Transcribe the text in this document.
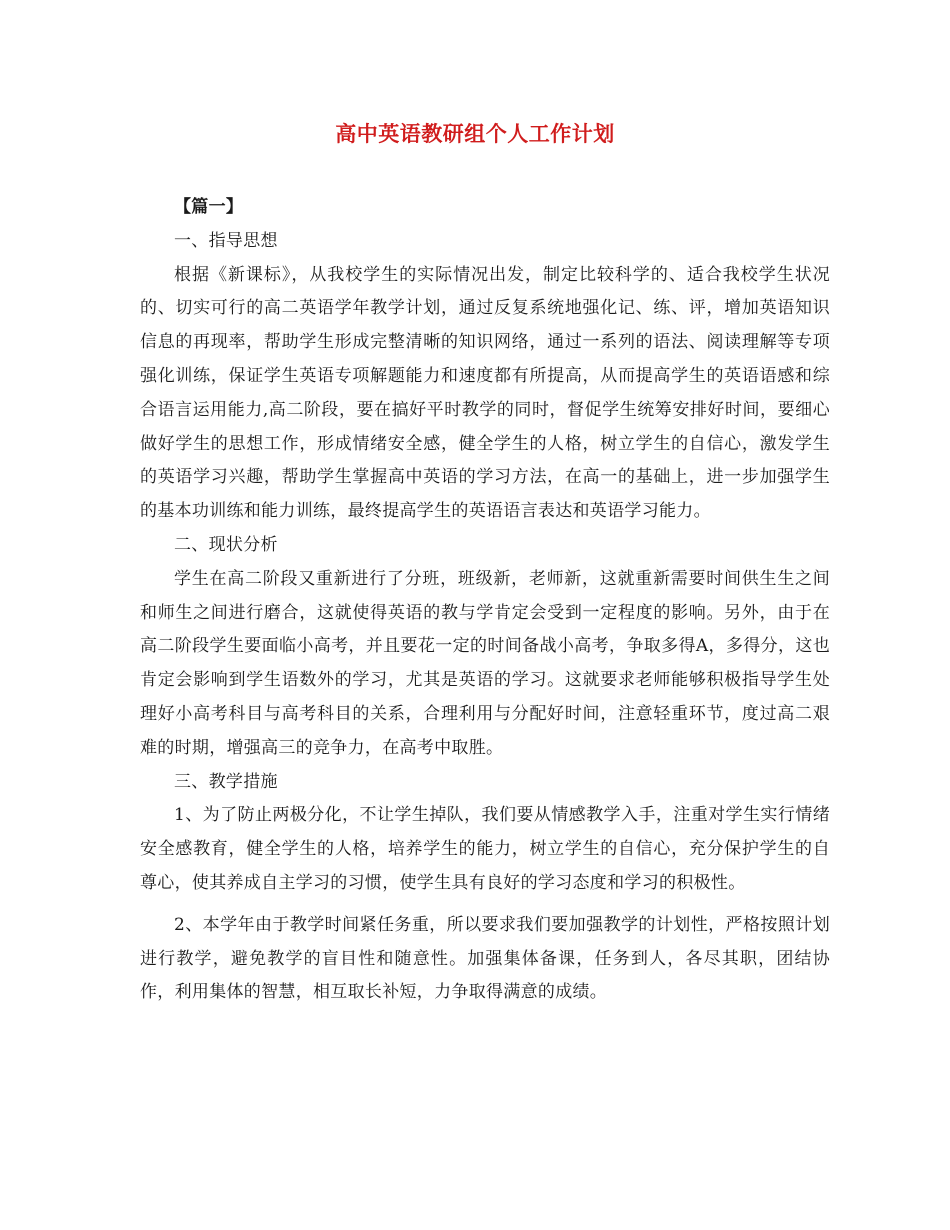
高中英语教研组个人工作计划

【篇一】

一、指导思想

根据《新课标》，从我校学生的实际情况出发，制定比较科学的、适合我校学生状况的、切实可行的高二英语学年教学计划，通过反复系统地强化记、练、评，增加英语知识信息的再现率，帮助学生形成完整清晰的知识网络，通过一系列的语法、阅读理解等专项强化训练，保证学生英语专项解题能力和速度都有所提高，从而提高学生的英语语感和综合语言运用能力,高二阶段，要在搞好平时教学的同时，督促学生统筹安排好时间，要细心做好学生的思想工作，形成情绪安全感，健全学生的人格，树立学生的自信心，激发学生的英语学习兴趣，帮助学生掌握高中英语的学习方法，在高一的基础上，进一步加强学生的基本功训练和能力训练，最终提高学生的英语语言表达和英语学习能力。

二、现状分析

学生在高二阶段又重新进行了分班，班级新，老师新，这就重新需要时间供生生之间和师生之间进行磨合，这就使得英语的教与学肯定会受到一定程度的影响。另外，由于在高二阶段学生要面临小高考，并且要花一定的时间备战小高考，争取多得A，多得分，这也肯定会影响到学生语数外的学习，尤其是英语的学习。这就要求老师能够积极指导学生处理好小高考科目与高考科目的关系，合理利用与分配好时间，注意轻重环节，度过高二艰难的时期，增强高三的竞争力，在高考中取胜。

三、教学措施

1、为了防止两极分化，不让学生掉队，我们要从情感教学入手，注重对学生实行情绪安全感教育，健全学生的人格，培养学生的能力，树立学生的自信心，充分保护学生的自尊心，使其养成自主学习的习惯，使学生具有良好的学习态度和学习的积极性。

2、本学年由于教学时间紧任务重，所以要求我们要加强教学的计划性，严格按照计划进行教学，避免教学的盲目性和随意性。加强集体备课，任务到人，各尽其职，团结协作，利用集体的智慧，相互取长补短，力争取得满意的成绩。
